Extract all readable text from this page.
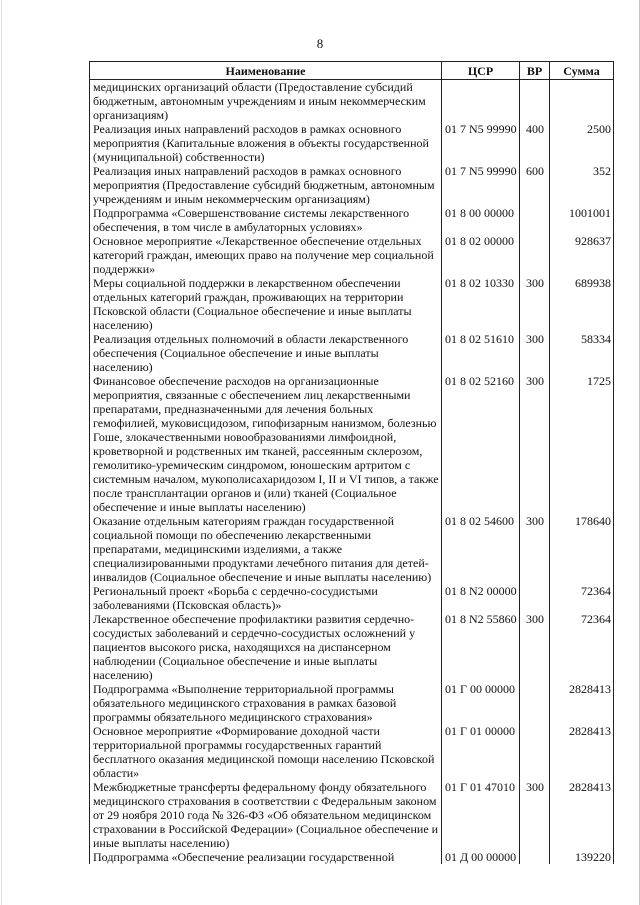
8
Наименование	ЦСР	ВР	Сумма
медицинских организаций области (Предоставление субсидий бюджетным, автономным учреждениям и иным некоммерческим организациям)			
Реализация иных направлений расходов в рамках основного мероприятия (Капитальные вложения в объекты государственной (муниципальной) собственности)	01 7 N5 99990	400	2500
Реализация иных направлений расходов в рамках основного мероприятия (Предоставление субсидий бюджетным, автономным учреждениям и иным некоммерческим организациям)	01 7 N5 99990	600	352
Подпрограмма «Совершенствование системы лекарственного обеспечения, в том числе в амбулаторных условиях»	01 8 00 00000		1001001
Основное мероприятие «Лекарственное обеспечение отдельных категорий граждан, имеющих право на получение мер социальной поддержки»	01 8 02 00000		928637
Меры социальной поддержки в лекарственном обеспечении отдельных категорий граждан, проживающих на территории Псковской области (Социальное обеспечение и иные выплаты населению)	01 8 02 10330	300	689938
Реализация отдельных полномочий в области лекарственного обеспечения (Социальное обеспечение и иные выплаты населению)	01 8 02 51610	300	58334
Финансовое обеспечение расходов на организационные мероприятия, связанные с обеспечением лиц лекарственными препаратами, предназначенными для лечения больных гемофилией, муковисцидозом, гипофизарным нанизмом, болезнью Гоше, злокачественными новообразованиями лимфоидной, кроветворной и родственных им тканей, рассеянным склерозом, гемолитико-уремическим синдромом, юношеским артритом с системным началом, мукополисахаридозом I, II и VI типов, а также после трансплантации органов и (или) тканей (Социальное обеспечение и иные выплаты населению)	01 8 02 52160	300	1725
Оказание отдельным категориям граждан государственной социальной помощи по обеспечению лекарственными препаратами, медицинскими изделиями, а также специализированными продуктами лечебного питания для детей-инвалидов (Социальное обеспечение и иные выплаты населению)	01 8 02 54600	300	178640
Региональный проект «Борьба с сердечно-сосудистыми заболеваниями (Псковская область)»	01 8 N2 00000		72364
Лекарственное обеспечение профилактики развития сердечно-сосудистых заболеваний и сердечно-сосудистых осложнений у пациентов высокого риска, находящихся на диспансерном наблюдении (Социальное обеспечение и иные выплаты населению)	01 8 N2 55860	300	72364
Подпрограмма «Выполнение территориальной программы обязательного медицинского страхования в рамках базовой программы обязательного медицинского страхования»	01 Г 00 00000		2828413
Основное мероприятие «Формирование доходной части территориальной программы государственных гарантий бесплатного оказания медицинской помощи населению Псковской области»	01 Г 01 00000		2828413
Межбюджетные трансферты федеральному фонду обязательного медицинского страхования в соответствии с Федеральным законом от 29 ноября 2010 года № 326-ФЗ «Об обязательном медицинском страховании в Российской Федерации» (Социальное обеспечение и иные выплаты населению)	01 Г 01 47010	300	2828413
Подпрограмма «Обеспечение реализации государственной	01 Д 00 00000		139220
